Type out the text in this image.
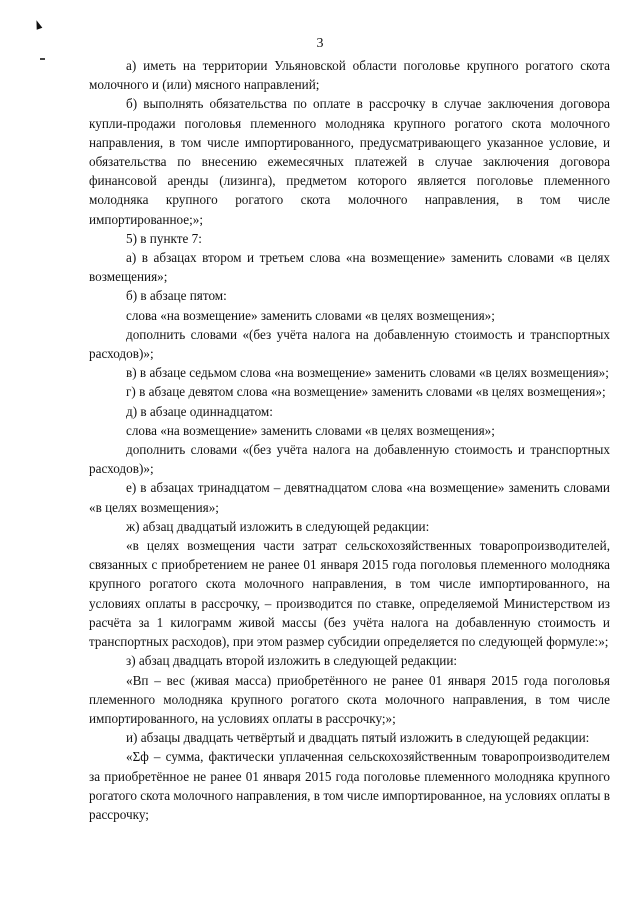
3

а) иметь на территории Ульяновской области поголовье крупного рогатого скота молочного и (или) мясного направлений;

б) выполнять обязательства по оплате в рассрочку в случае заключения договора купли-продажи поголовья племенного молодняка крупного рогатого скота молочного направления, в том числе импортированного, предусматривающего указанное условие, и обязательства по внесению ежемесячных платежей в случае заключения договора финансовой аренды (лизинга), предметом которого является поголовье племенного молодняка крупного рогатого скота молочного направления, в том числе импортированное;»;

5) в пункте 7:

а) в абзацах втором и третьем слова «на возмещение» заменить словами «в целях возмещения»;

б) в абзаце пятом:

слова «на возмещение» заменить словами «в целях возмещения»;

дополнить словами «(без учёта налога на добавленную стоимость и транспортных расходов)»;

в) в абзаце седьмом слова «на возмещение» заменить словами «в целях возмещения»;

г) в абзаце девятом слова «на возмещение» заменить словами «в целях возмещения»;

д) в абзаце одиннадцатом:

слова «на возмещение» заменить словами «в целях возмещения»;

дополнить словами «(без учёта налога на добавленную стоимость и транспортных расходов)»;

е) в абзацах тринадцатом – девятнадцатом слова «на возмещение» заменить словами «в целях возмещения»;

ж) абзац двадцатый изложить в следующей редакции:

«в целях возмещения части затрат сельскохозяйственных товаропроизводителей, связанных с приобретением не ранее 01 января 2015 года поголовья племенного молодняка крупного рогатого скота молочного направления, в том числе импортированного, на условиях оплаты в рассрочку, – производится по ставке, определяемой Министерством из расчёта за 1 килограмм живой массы (без учёта налога на добавленную стоимость и транспортных расходов), при этом размер субсидии определяется по следующей формуле:»;

з) абзац двадцать второй изложить в следующей редакции:

«Вп – вес (живая масса) приобретённого не ранее 01 января 2015 года поголовья племенного молодняка крупного рогатого скота молочного направления, в том числе импортированного, на условиях оплаты в рассрочку;»;

и) абзацы двадцать четвёртый и двадцать пятый изложить в следующей редакции:

«Σф – сумма, фактически уплаченная сельскохозяйственным товаропроизводителем за приобретённое не ранее 01 января 2015 года поголовье племенного молодняка крупного рогатого скота молочного направления, в том числе импортированное, на условиях оплаты в рассрочку;
